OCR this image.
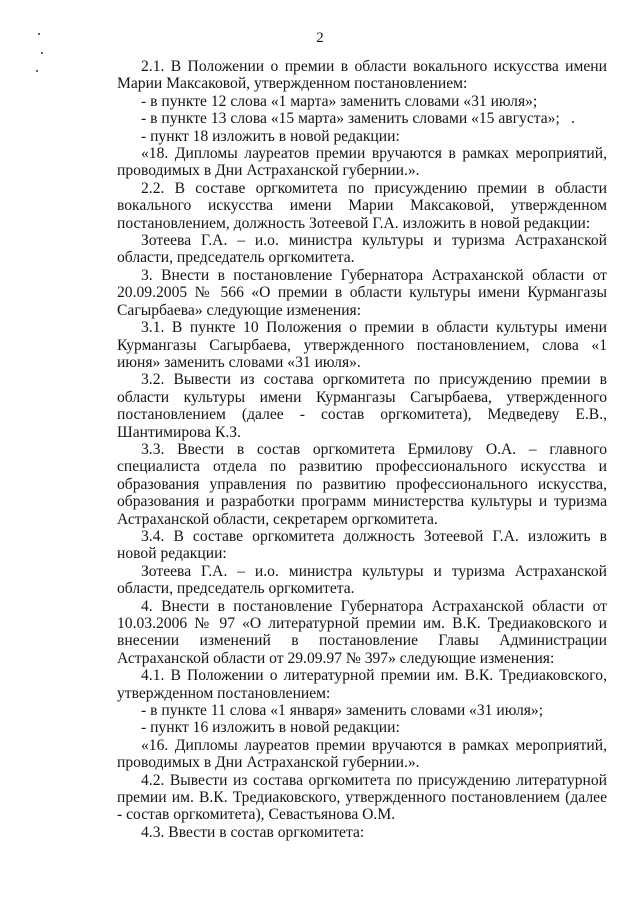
2

2.1. В Положении о премии в области вокального искусства имени Марии Максаковой, утвержденном постановлением:

- в пункте 12 слова «1 марта» заменить словами «31 июля»;

- в пункте 13 слова «15 марта» заменить словами «15 августа»;

- пункт 18 изложить в новой редакции:

«18. Дипломы лауреатов премии вручаются в рамках мероприятий, проводимых в Дни Астраханской губернии.».

2.2. В составе оргкомитета по присуждению премии в области вокального искусства имени Марии Максаковой, утвержденном постановлением, должность Зотеевой Г.А. изложить в новой редакции:

Зотеева Г.А. – и.о. министра культуры и туризма Астраханской области, председатель оргкомитета.

3. Внести в постановление Губернатора Астраханской области от 20.09.2005 № 566 «О премии в области культуры имени Курмангазы Сагырбаева» следующие изменения:

3.1. В пункте 10 Положения о премии в области культуры имени Курмангазы Сагырбаева, утвержденного постановлением, слова «1 июня» заменить словами «31 июля».

3.2. Вывести из состава оргкомитета по присуждению премии в области культуры имени Курмангазы Сагырбаева, утвержденного постановлением (далее - состав оргкомитета), Медведеву Е.В., Шантимирова К.З.

3.3. Ввести в состав оргкомитета Ермилову О.А. – главного специалиста отдела по развитию профессионального искусства и образования управления по развитию профессионального искусства, образования и разработки программ министерства культуры и туризма Астраханской области, секретарем оргкомитета.

3.4. В составе оргкомитета должность Зотеевой Г.А. изложить в новой редакции:

Зотеева Г.А. – и.о. министра культуры и туризма Астраханской области, председатель оргкомитета.

4. Внести в постановление Губернатора Астраханской области от 10.03.2006 № 97 «О литературной премии им. В.К. Тредиаковского и внесении изменений в постановление Главы Администрации Астраханской области от 29.09.97 № 397» следующие изменения:

4.1. В Положении о литературной премии им. В.К. Тредиаковского, утвержденном постановлением:

- в пункте 11 слова «1 января» заменить словами «31 июля»;

- пункт 16 изложить в новой редакции:

«16. Дипломы лауреатов премии вручаются в рамках мероприятий, проводимых в Дни Астраханской губернии.».

4.2. Вывести из состава оргкомитета по присуждению литературной премии им. В.К. Тредиаковского, утвержденного постановлением (далее - состав оргкомитета), Севастьянова О.М.

4.3. Ввести в состав оргкомитета:
